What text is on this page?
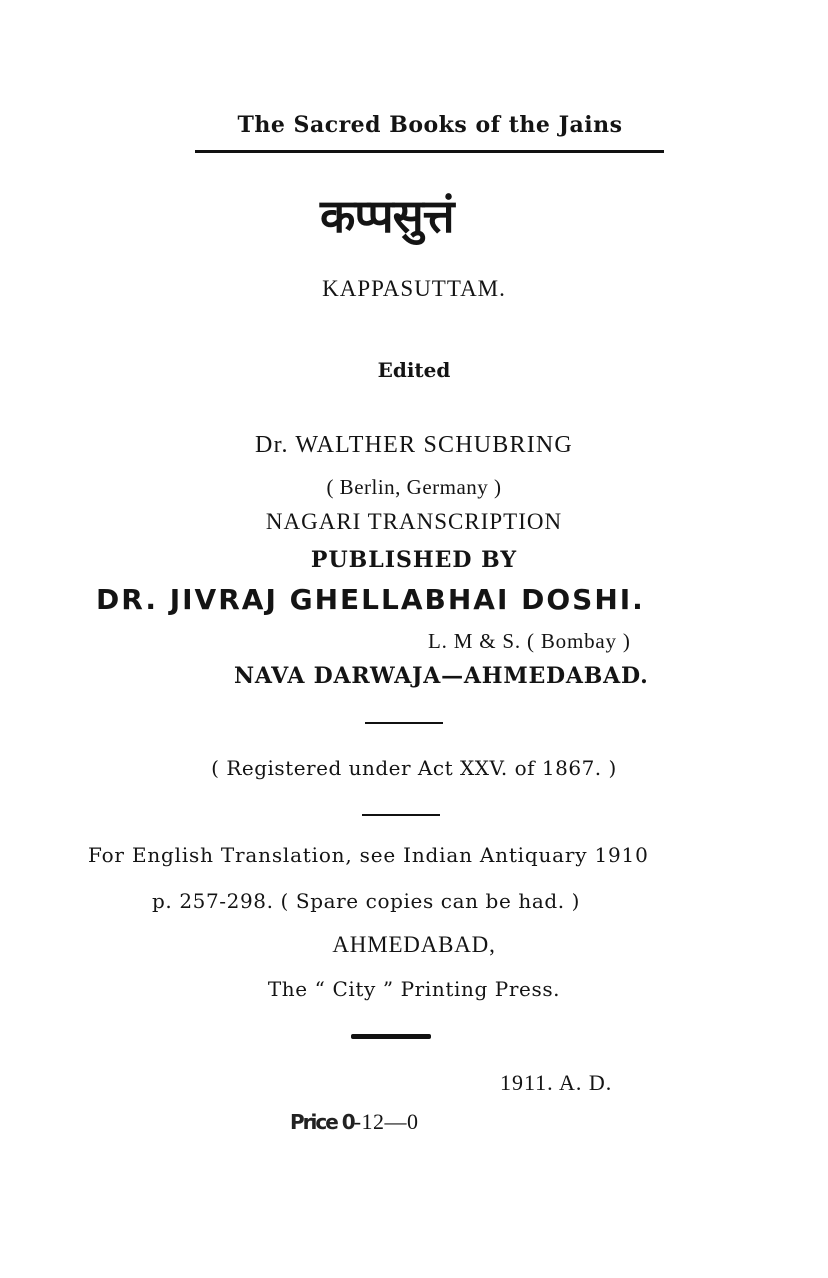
The Sacred Books of the Jains
कप्पसुत्तं
KAPPASUTTAM.
Edited
Dr. WALTHER SCHUBRING
( Berlin, Germany )
NAGARI TRANSCRIPTION
PUBLISHED BY
DR. JIVRAJ GHELLABHAI DOSHI.
L. M & S. ( Bombay )
NAVA DARWAJA—AHMEDABAD.
( Registered under Act XXV. of 1867. )
For English Translation, see Indian Antiquary 1910
p. 257-298. ( Spare copies can be had. )
AHMEDABAD,
The “ City ” Printing Press.
1911. A. D.
Price 0-12—0
